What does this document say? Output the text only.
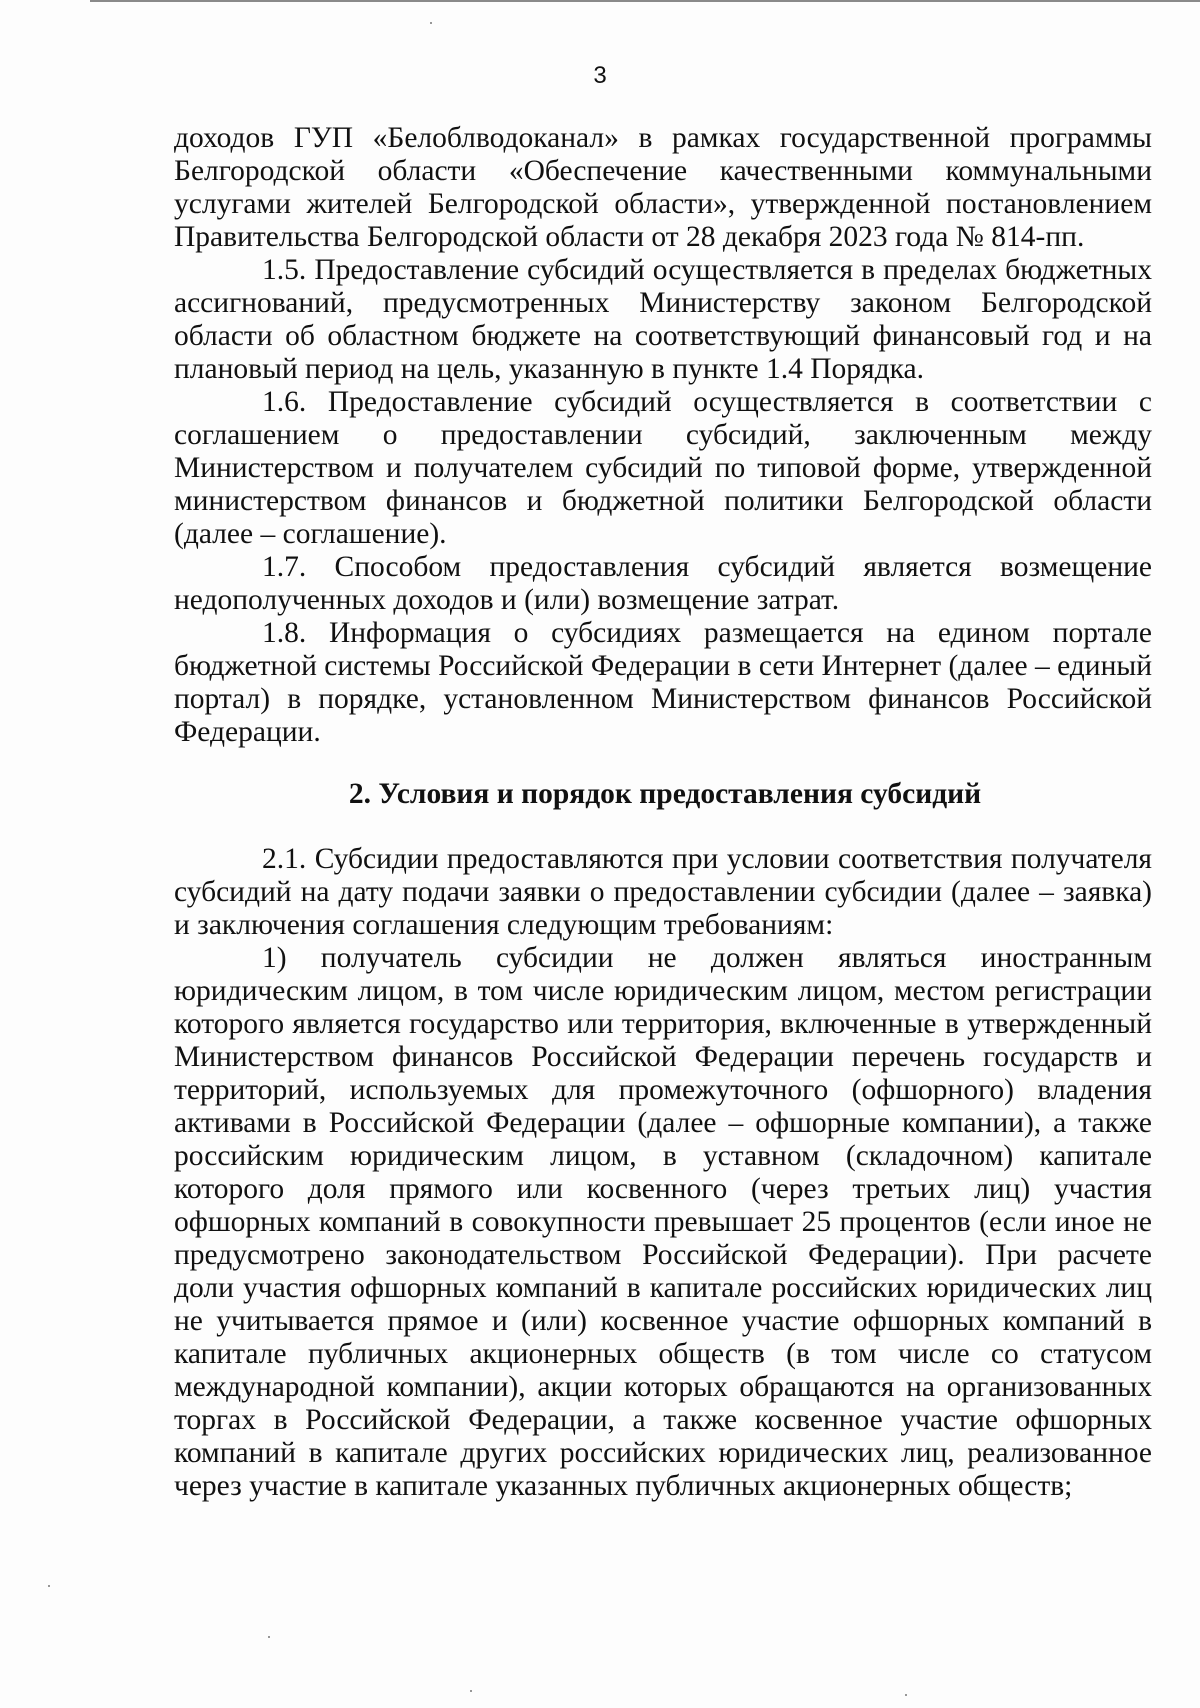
3

доходов ГУП «Белоблводоканал» в рамках государственной программы Белгородской области «Обеспечение качественными коммунальными услугами жителей Белгородской области», утвержденной постановлением Правительства Белгородской области от 28 декабря 2023 года № 814-пп.

1.5. Предоставление субсидий осуществляется в пределах бюджетных ассигнований, предусмотренных Министерству законом Белгородской области об областном бюджете на соответствующий финансовый год и на плановый период на цель, указанную в пункте 1.4 Порядка.

1.6. Предоставление субсидий осуществляется в соответствии с соглашением о предоставлении субсидий, заключенным между Министерством и получателем субсидий по типовой форме, утвержденной министерством финансов и бюджетной политики Белгородской области (далее – соглашение).

1.7. Способом предоставления субсидий является возмещение недополученных доходов и (или) возмещение затрат.

1.8. Информация о субсидиях размещается на едином портале бюджетной системы Российской Федерации в сети Интернет (далее – единый портал) в порядке, установленном Министерством финансов Российской Федерации.

2. Условия и порядок предоставления субсидий

2.1. Субсидии предоставляются при условии соответствия получателя субсидий на дату подачи заявки о предоставлении субсидии (далее – заявка) и заключения соглашения следующим требованиям:

1) получатель субсидии не должен являться иностранным юридическим лицом, в том числе юридическим лицом, местом регистрации которого является государство или территория, включенные в утвержденный Министерством финансов Российской Федерации перечень государств и территорий, используемых для промежуточного (офшорного) владения активами в Российской Федерации (далее – офшорные компании), а также российским юридическим лицом, в уставном (складочном) капитале которого доля прямого или косвенного (через третьих лиц) участия офшорных компаний в совокупности превышает 25 процентов (если иное не предусмотрено законодательством Российской Федерации). При расчете доли участия офшорных компаний в капитале российских юридических лиц не учитывается прямое и (или) косвенное участие офшорных компаний в капитале публичных акционерных обществ (в том числе со статусом международной компании), акции которых обращаются на организованных торгах в Российской Федерации, а также косвенное участие офшорных компаний в капитале других российских юридических лиц, реализованное через участие в капитале указанных публичных акционерных обществ;
